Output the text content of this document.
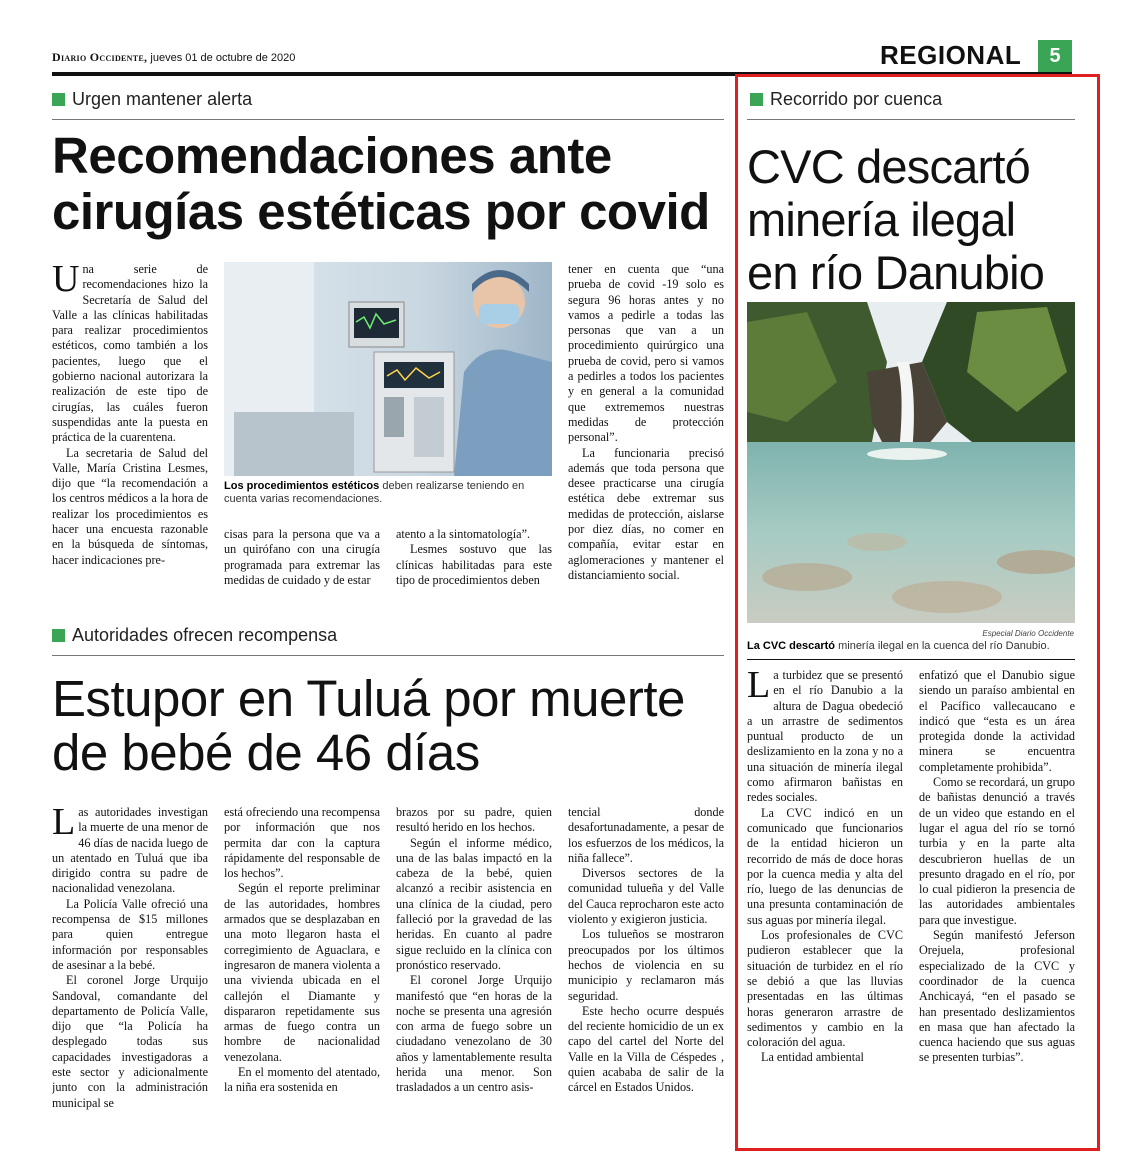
Diario Occidente, jueves 01 de octubre de 2020	REGIONAL	5
Urgen mantener alerta
Recomendaciones ante cirugías estéticas por covid

Una serie de recomendaciones hizo la Secretaría de Salud del Valle a las clínicas habilitadas para realizar procedimientos estéticos, como también a los pacientes, luego que el gobierno nacional autorizara la realización de este tipo de cirugías, las cuáles fueron suspendidas ante la puesta en práctica de la cuarentena.

La secretaria de Salud del Valle, María Cristina Lesmes, dijo que “la recomendación a los centros médicos a la hora de realizar los procedimientos es hacer una encuesta razonable en la búsqueda de síntomas, hacer indicaciones pre-

Los procedimientos estéticos deben realizarse teniendo en cuenta varias recomendaciones.

cisas para la persona que va a un quirófano con una cirugía programada para extremar las medidas de cuidado y de estar

atento a la sintomatología”.

Lesmes sostuvo que las clínicas habilitadas para este tipo de procedimientos deben

tener en cuenta que “una prueba de covid -19 solo es segura 96 horas antes y no vamos a pedirle a todas las personas que van a un procedimiento quirúrgico una prueba de covid, pero si vamos a pedirles a todos los pacientes y en general a la comunidad que extrememos nuestras medidas de protección personal”.

La funcionaria precisó además que toda persona que desee practicarse una cirugía estética debe extremar sus medidas de protección, aislarse por diez días, no comer en compañía, evitar estar en aglomeraciones y mantener el distanciamiento social.

Autoridades ofrecen recompensa
Estupor en Tuluá por muerte de bebé de 46 días

Las autoridades investigan la muerte de una menor de 46 días de nacida luego de un atentado en Tuluá que iba dirigido contra su padre de nacionalidad venezolana.

La Policía Valle ofreció una recompensa de $15 millones para quien entregue información por responsables de asesinar a la bebé.

El coronel Jorge Urquijo Sandoval, comandante del departamento de Policía Valle, dijo que “la Policía ha desplegado todas sus capacidades investigadoras a este sector y adicionalmente junto con la administración municipal se

está ofreciendo una recompensa por información que nos permita dar con la captura rápidamente del responsable de los hechos”.

Según el reporte preliminar de las autoridades, hombres armados que se desplazaban en una moto llegaron hasta el corregimiento de Aguaclara, e ingresaron de manera violenta a una vivienda ubicada en el callejón el Diamante y dispararon repetidamente sus armas de fuego contra un hombre de nacionalidad venezolana.

En el momento del atentado, la niña era sostenida en

brazos por su padre, quien resultó herido en los hechos.

Según el informe médico, una de las balas impactó en la cabeza de la bebé, quien alcanzó a recibir asistencia en una clínica de la ciudad, pero falleció por la gravedad de las heridas. En cuanto al padre sigue recluido en la clínica con pronóstico reservado.

El coronel Jorge Urquijo manifestó que “en horas de la noche se presenta una agresión con arma de fuego sobre un ciudadano venezolano de 30 años y lamentablemente resulta herida una menor. Son trasladados a un centro asis-

tencial donde desafortunadamente, a pesar de los esfuerzos de los médicos, la niña fallece”.

Diversos sectores de la comunidad tulueña y del Valle del Cauca reprocharon este acto violento y exigieron justicia.

Los tulueños se mostraron preocupados por los últimos hechos de violencia en su municipio y reclamaron más seguridad.

Este hecho ocurre después del reciente homicidio de un ex capo del cartel del Norte del Valle en la Villa de Céspedes , quien acababa de salir de la cárcel en Estados Unidos.

Recorrido por cuenca
CVC descartó minería ilegal en río Danubio
Especial Diario Occidente
La CVC descartó minería ilegal en la cuenca del río Danubio.

La turbidez que se presentó en el río Danubio a la altura de Dagua obedeció a un arrastre de sedimentos puntual producto de un deslizamiento en la zona y no a una situación de minería ilegal como afirmaron bañistas en redes sociales.

La CVC indicó en un comunicado que funcionarios de la entidad hicieron un recorrido de más de doce horas por la cuenca media y alta del río, luego de las denuncias de una presunta contaminación de sus aguas por minería ilegal.

Los profesionales de CVC pudieron establecer que la situación de turbidez en el río se debió a que las lluvias presentadas en las últimas horas generaron arrastre de sedimentos y cambio en la coloración del agua.

La entidad ambiental

enfatizó que el Danubio sigue siendo un paraíso ambiental en el Pacífico vallecaucano e indicó que “esta es un área protegida donde la actividad minera se encuentra completamente prohibida”.

Como se recordará, un grupo de bañistas denunció a través de un video que estando en el lugar el agua del río se tornó turbia y en la parte alta descubrieron huellas de un presunto dragado en el río, por lo cual pidieron la presencia de las autoridades ambientales para que investigue.

Según manifestó Jeferson Orejuela, profesional especializado de la CVC y coordinador de la cuenca Anchicayá, “en el pasado se han presentado deslizamientos en masa que han afectado la cuenca haciendo que sus aguas se presenten turbias”.
